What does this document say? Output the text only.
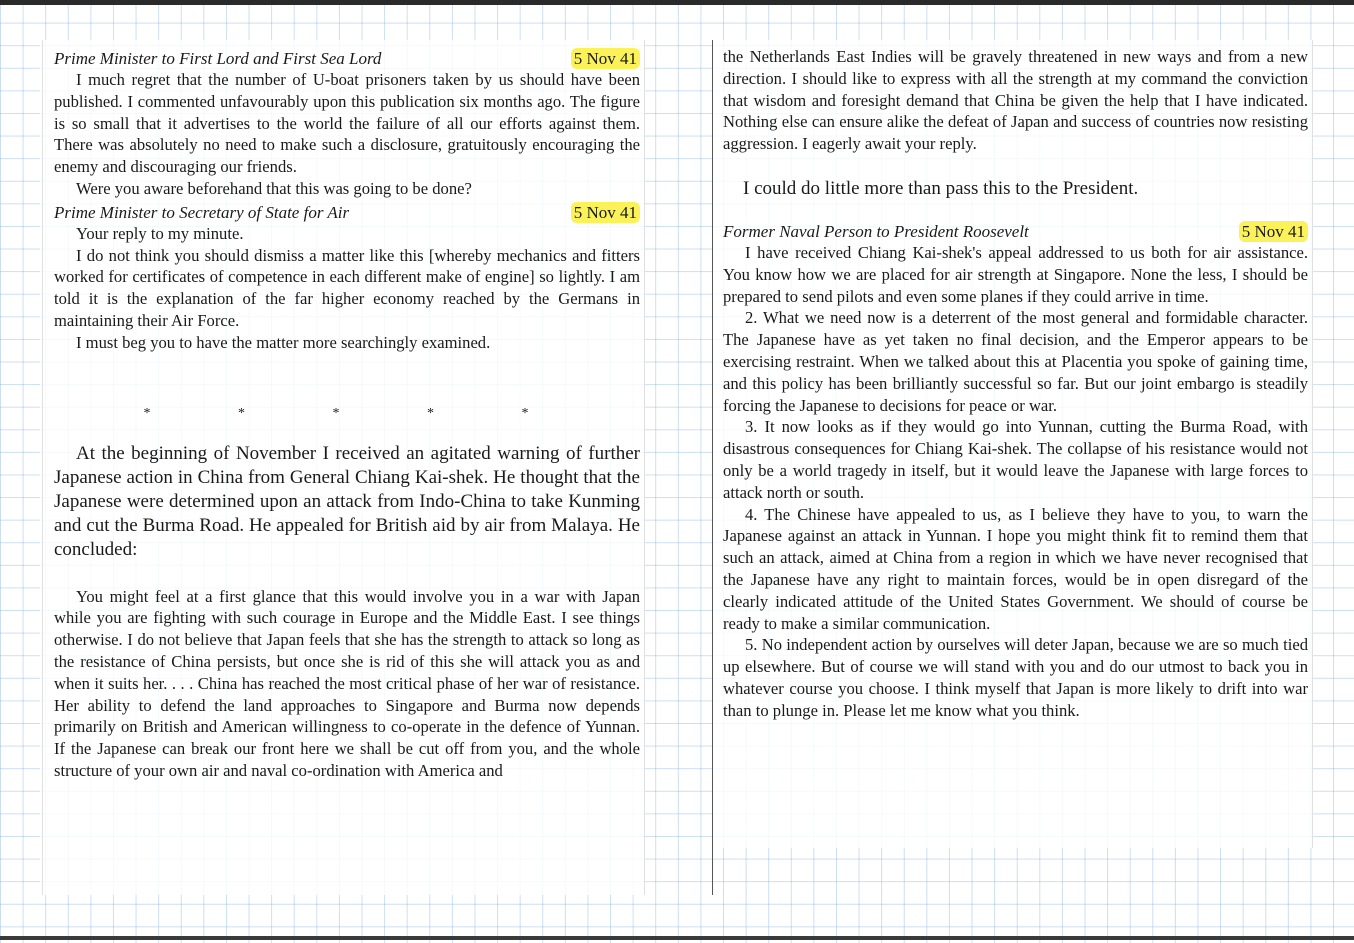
Prime Minister to First Lord and First Sea Lord	5 Nov 41

I much regret that the number of U-boat prisoners taken by us should have been published. I commented unfavourably upon this publication six months ago. The figure is so small that it advertises to the world the failure of all our efforts against them. There was absolutely no need to make such a disclosure, gratuitously encouraging the enemy and discouraging our friends.

Were you aware beforehand that this was going to be done?

Prime Minister to Secretary of State for Air	5 Nov 41

Your reply to my minute.

I do not think you should dismiss a matter like this [whereby mechanics and fitters worked for certificates of competence in each different make of engine] so lightly. I am told it is the explanation of the far higher economy reached by the Germans in maintaining their Air Force.

I must beg you to have the matter more searchingly examined.

* * * * *

At the beginning of November I received an agitated warning of further Japanese action in China from General Chiang Kai-shek. He thought that the Japanese were determined upon an attack from Indo-China to take Kunming and cut the Burma Road. He appealed for British aid by air from Malaya. He concluded:

You might feel at a first glance that this would involve you in a war with Japan while you are fighting with such courage in Europe and the Middle East. I see things otherwise. I do not believe that Japan feels that she has the strength to attack so long as the resistance of China persists, but once she is rid of this she will attack you as and when it suits her. . . . China has reached the most critical phase of her war of resistance. Her ability to defend the land approaches to Singapore and Burma now depends primarily on British and American willingness to co-operate in the defence of Yunnan. If the Japanese can break our front here we shall be cut off from you, and the whole structure of your own air and naval co-ordination with America and

the Netherlands East Indies will be gravely threatened in new ways and from a new direction. I should like to express with all the strength at my command the conviction that wisdom and foresight demand that China be given the help that I have indicated. Nothing else can ensure alike the defeat of Japan and success of countries now resisting aggression. I eagerly await your reply.

I could do little more than pass this to the President.

Former Naval Person to President Roosevelt	5 Nov 41

I have received Chiang Kai-shek's appeal addressed to us both for air assistance. You know how we are placed for air strength at Singapore. None the less, I should be prepared to send pilots and even some planes if they could arrive in time.

2. What we need now is a deterrent of the most general and formidable character. The Japanese have as yet taken no final decision, and the Emperor appears to be exercising restraint. When we talked about this at Placentia you spoke of gaining time, and this policy has been brilliantly successful so far. But our joint embargo is steadily forcing the Japanese to decisions for peace or war.

3. It now looks as if they would go into Yunnan, cutting the Burma Road, with disastrous consequences for Chiang Kai-shek. The collapse of his resistance would not only be a world tragedy in itself, but it would leave the Japanese with large forces to attack north or south.

4. The Chinese have appealed to us, as I believe they have to you, to warn the Japanese against an attack in Yunnan. I hope you might think fit to remind them that such an attack, aimed at China from a region in which we have never recognised that the Japanese have any right to maintain forces, would be in open disregard of the clearly indicated attitude of the United States Government. We should of course be ready to make a similar communication.

5. No independent action by ourselves will deter Japan, because we are so much tied up elsewhere. But of course we will stand with you and do our utmost to back you in whatever course you choose. I think myself that Japan is more likely to drift into war than to plunge in. Please let me know what you think.
